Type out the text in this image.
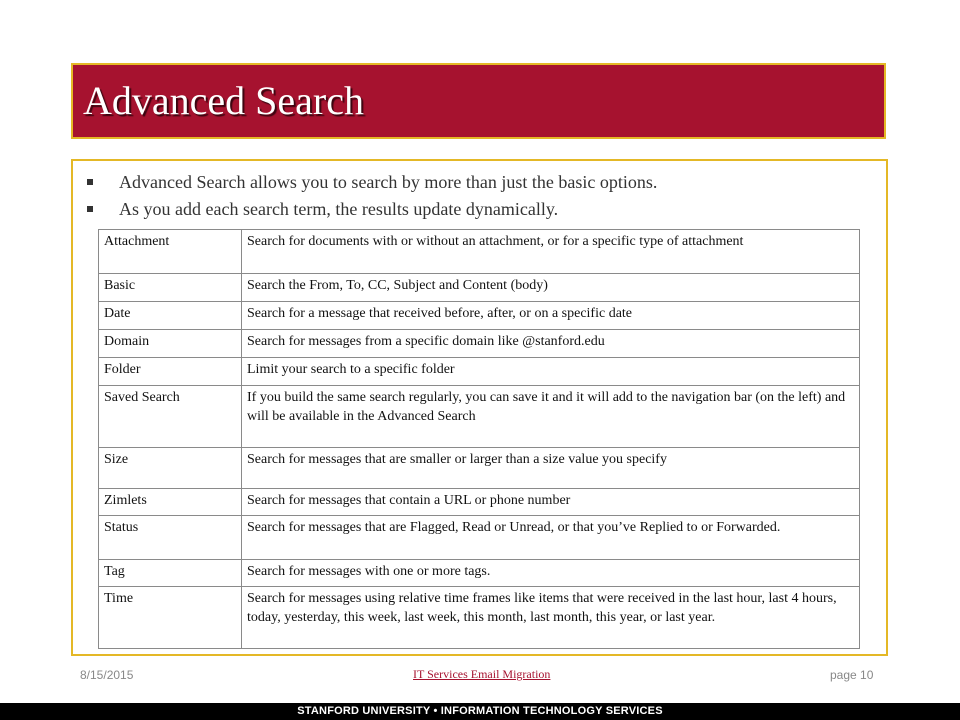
Advanced Search
Advanced Search allows you to search by more than just the basic options.
As you add each search term, the results update dynamically.
Attachment	Search for documents with or without an attachment, or for a specific type of attachment
Basic	Search the From, To, CC, Subject and Content (body)
Date	Search for a message that received before, after, or on a specific date
Domain	Search for messages from a specific domain like @stanford.edu
Folder	Limit your search to a specific folder
Saved Search	If you build the same search regularly, you can save it and it will add to the navigation bar (on the left) and will be available in the Advanced Search
Size	Search for messages that are smaller or larger than a size value you specify
Zimlets	Search for messages that contain a URL or phone number
Status	Search for messages that are Flagged, Read or Unread, or that you’ve Replied to or Forwarded.
Tag	Search for messages with one or more tags.
Time	Search for messages using relative time frames like items that were received in the last hour, last 4 hours, today, yesterday, this week, last week, this month, last month, this year, or last year.
8/15/2015	IT Services Email Migration	page 10
STANFORD UNIVERSITY • INFORMATION TECHNOLOGY SERVICES
